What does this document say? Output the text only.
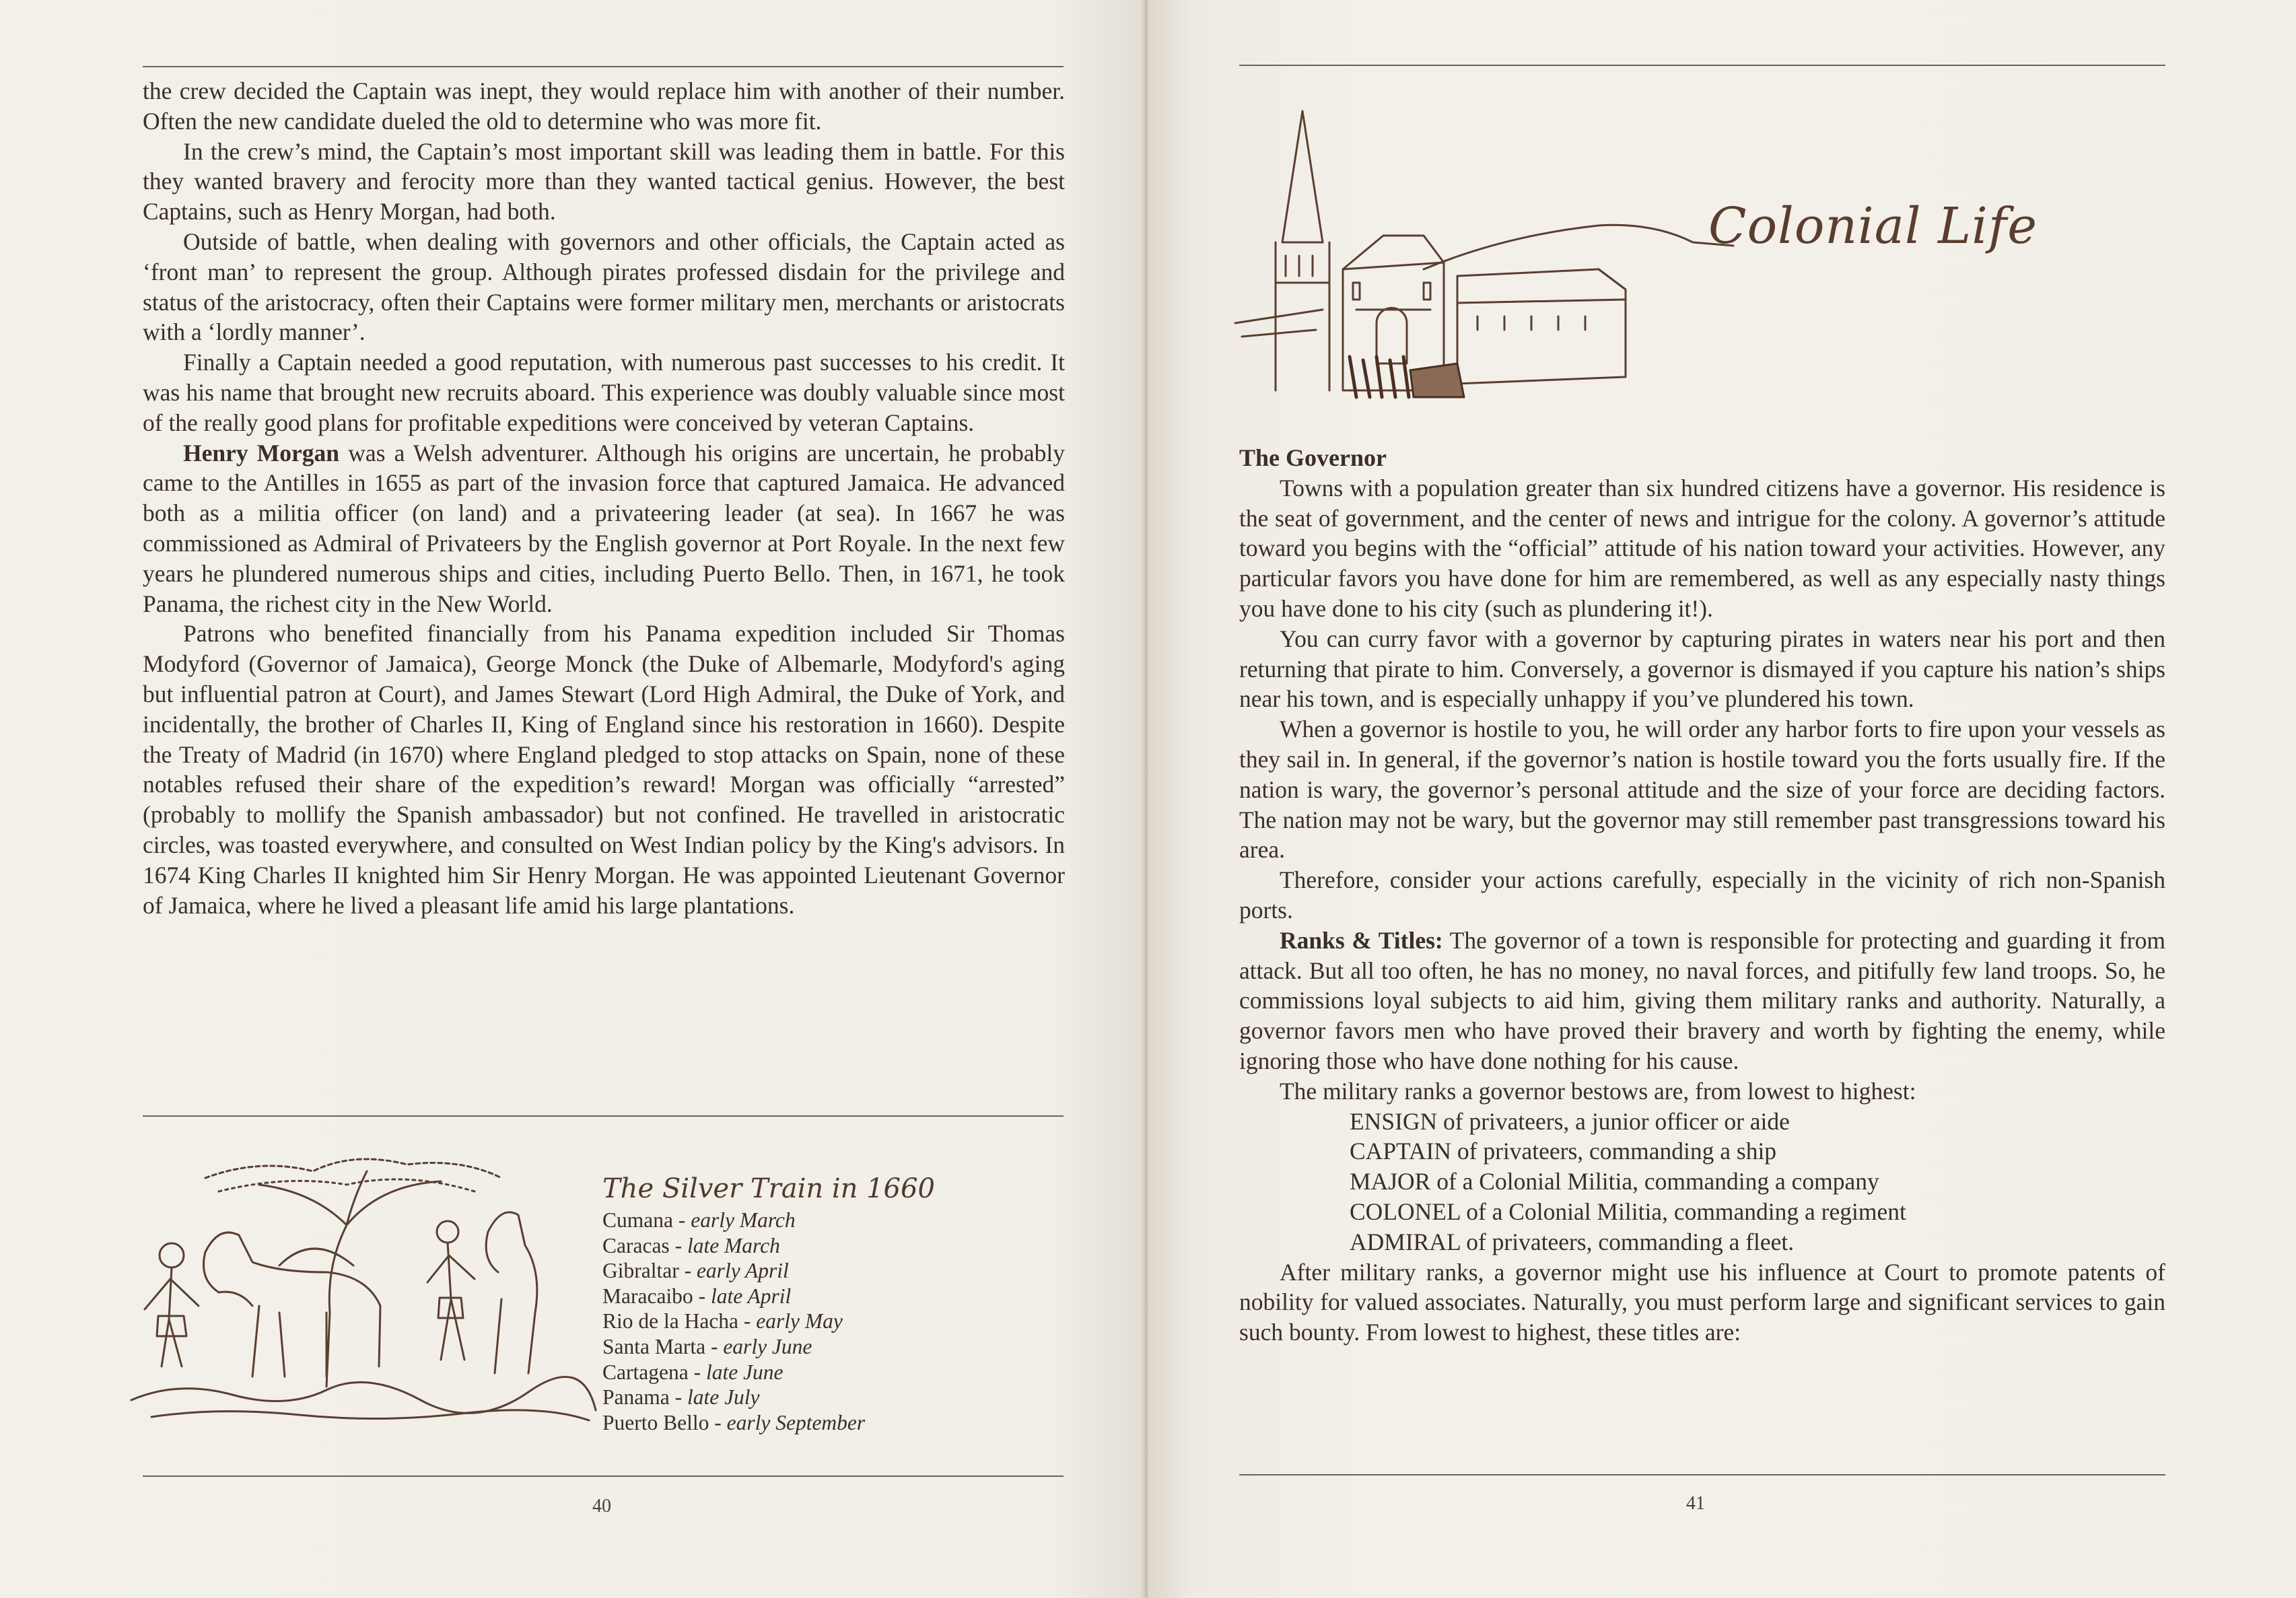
the crew decided the Captain was inept, they would replace him with another of their number. Often the new candidate dueled the old to determine who was more fit.

In the crew’s mind, the Captain’s most important skill was leading them in battle. For this they wanted bravery and ferocity more than they wanted tactical genius. However, the best Captains, such as Henry Morgan, had both.

Outside of battle, when dealing with governors and other officials, the Captain acted as ‘front man’ to represent the group. Although pirates professed disdain for the privilege and status of the aristocracy, often their Captains were former military men, merchants or aristocrats with a ‘lordly manner’.

Finally a Captain needed a good reputation, with numerous past successes to his credit. It was his name that brought new recruits aboard. This experience was doubly valuable since most of the really good plans for profitable expeditions were conceived by veteran Captains.

Henry Morgan was a Welsh adventurer. Although his origins are uncertain, he probably came to the Antilles in 1655 as part of the invasion force that captured Jamaica. He advanced both as a militia officer (on land) and a privateering leader (at sea). In 1667 he was commissioned as Admiral of Privateers by the English governor at Port Royale. In the next few years he plundered numerous ships and cities, including Puerto Bello. Then, in 1671, he took Panama, the richest city in the New World.

Patrons who benefited financially from his Panama expedition included Sir Thomas Modyford (Governor of Jamaica), George Monck (the Duke of Albemarle, Modyford's aging but influential patron at Court), and James Stewart (Lord High Admiral, the Duke of York, and incidentally, the brother of Charles II, King of England since his restoration in 1660). Despite the Treaty of Madrid (in 1670) where England pledged to stop attacks on Spain, none of these notables refused their share of the expedition’s reward! Morgan was officially “arrested” (probably to mollify the Spanish ambassador) but not confined. He travelled in aristocratic circles, was toasted everywhere, and consulted on West Indian policy by the King's advisors. In 1674 King Charles II knighted him Sir Henry Morgan. He was appointed Lieutenant Governor of Jamaica, where he lived a pleasant life amid his large plantations.

The Silver Train in 1660
Cumana - early March
Caracas - late March
Gibraltar - early April
Maracaibo - late April
Rio de la Hacha - early May
Santa Marta - early June
Cartagena - late June
Panama - late July
Puerto Bello - early September
40
Colonial Life
The Governor

Towns with a population greater than six hundred citizens have a governor. His residence is the seat of government, and the center of news and intrigue for the colony. A governor’s attitude toward you begins with the “official” attitude of his nation toward your activities. However, any particular favors you have done for him are remembered, as well as any especially nasty things you have done to his city (such as plundering it!).

You can curry favor with a governor by capturing pirates in waters near his port and then returning that pirate to him. Conversely, a governor is dismayed if you capture his nation’s ships near his town, and is especially unhappy if you’ve plundered his town.

When a governor is hostile to you, he will order any harbor forts to fire upon your vessels as they sail in. In general, if the governor’s nation is hostile toward you the forts usually fire. If the nation is wary, the governor’s personal attitude and the size of your force are deciding factors. The nation may not be wary, but the governor may still remember past transgressions toward his area.

Therefore, consider your actions carefully, especially in the vicinity of rich non-Spanish ports.

Ranks & Titles: The governor of a town is responsible for protecting and guarding it from attack. But all too often, he has no money, no naval forces, and pitifully few land troops. So, he commissions loyal subjects to aid him, giving them military ranks and authority. Naturally, a governor favors men who have proved their bravery and worth by fighting the enemy, while ignoring those who have done nothing for his cause.

The military ranks a governor bestows are, from lowest to highest:

ENSIGN of privateers, a junior officer or aide
CAPTAIN of privateers, commanding a ship
MAJOR of a Colonial Militia, commanding a company
COLONEL of a Colonial Militia, commanding a regiment
ADMIRAL of privateers, commanding a fleet.

After military ranks, a governor might use his influence at Court to promote patents of nobility for valued associates. Naturally, you must perform large and significant services to gain such bounty. From lowest to highest, these titles are:

41
